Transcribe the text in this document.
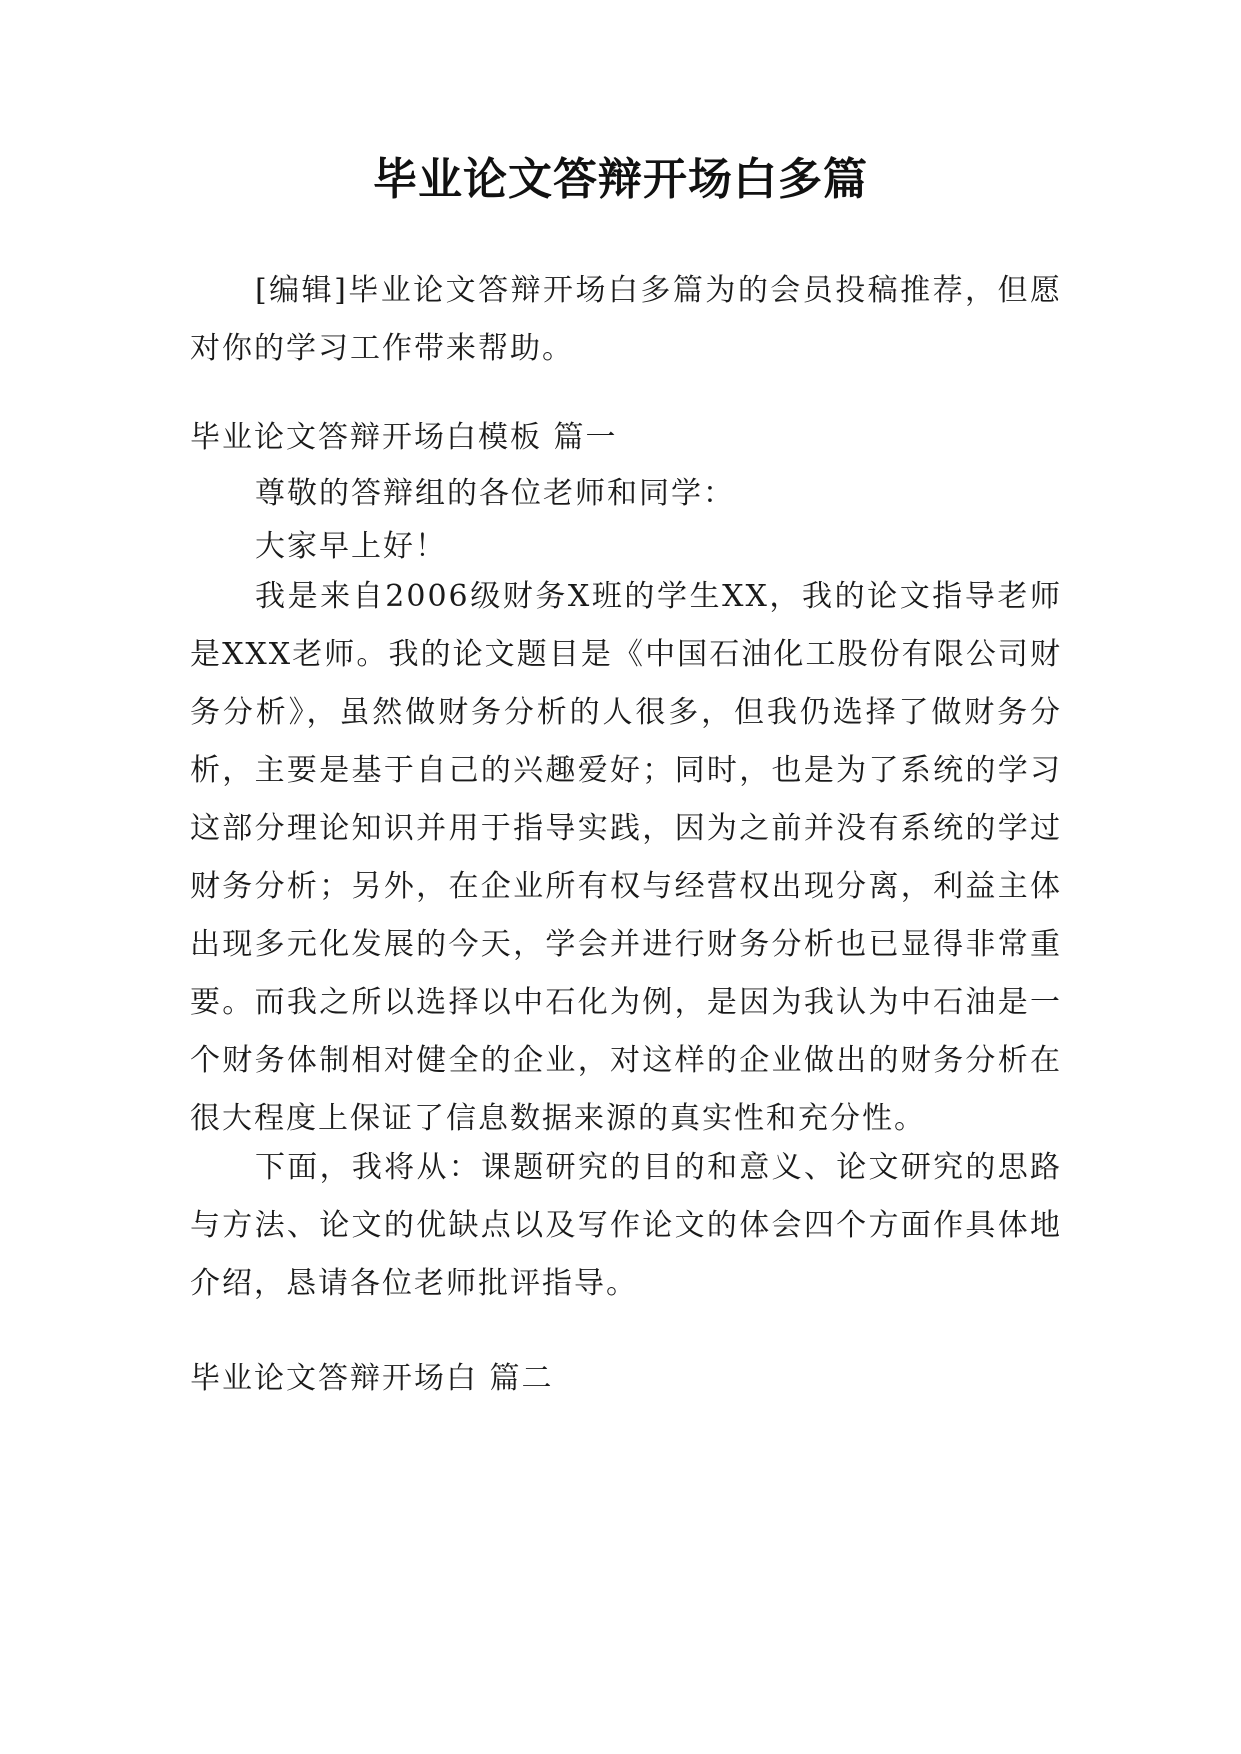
毕业论文答辩开场白多篇

[编辑]毕业论文答辩开场白多篇为的会员投稿推荐，但愿对你的学习工作带来帮助。

毕业论文答辩开场白模板 篇一

尊敬的答辩组的各位老师和同学：

大家早上好！

我是来自2006级财务X班的学生XX，我的论文指导老师是XXX老师。我的论文题目是《中国石油化工股份有限公司财务分析》，虽然做财务分析的人很多，但我仍选择了做财务分析，主要是基于自己的兴趣爱好；同时，也是为了系统的学习这部分理论知识并用于指导实践，因为之前并没有系统的学过财务分析；另外，在企业所有权与经营权出现分离，利益主体出现多元化发展的今天，学会并进行财务分析也已显得非常重要。而我之所以选择以中石化为例，是因为我认为中石油是一个财务体制相对健全的企业，对这样的企业做出的财务分析在很大程度上保证了信息数据来源的真实性和充分性。

下面，我将从：课题研究的目的和意义、论文研究的思路与方法、论文的优缺点以及写作论文的体会四个方面作具体地介绍，恳请各位老师批评指导。

毕业论文答辩开场白 篇二
